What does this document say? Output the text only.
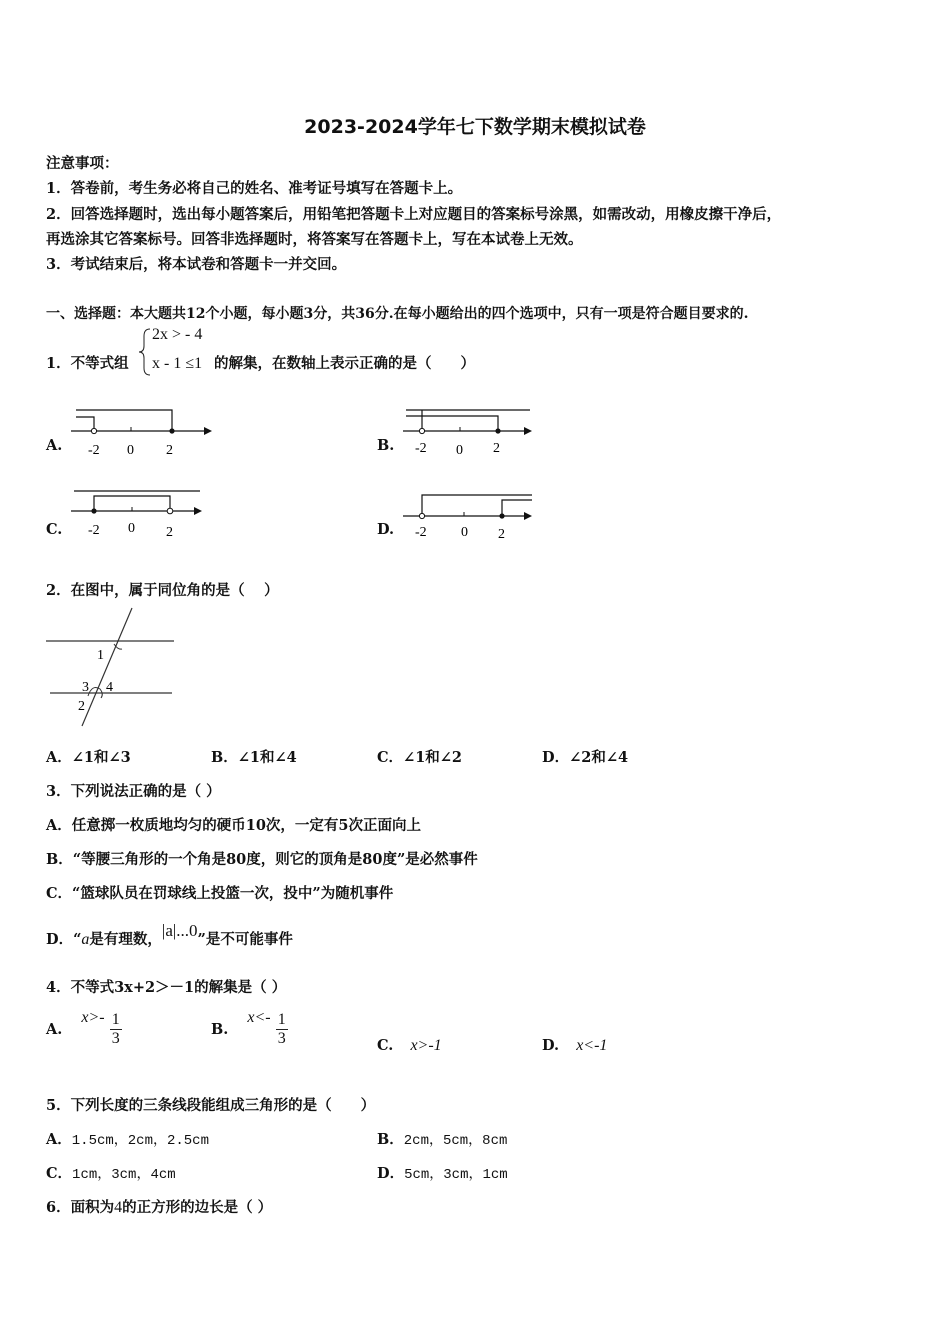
2023-2024学年七下数学期末模拟试卷
注意事项：
1．答卷前，考生务必将自己的姓名、准考证号填写在答题卡上。
2．回答选择题时，选出每小题答案后，用铅笔把答题卡上对应题目的答案标号涂黑，如需改动，用橡皮擦干净后，
再选涂其它答案标号。回答非选择题时，将答案写在答题卡上，写在本试卷上无效。
3．考试结束后，将本试卷和答题卡一并交回。
一、选择题：本大题共12个小题，每小题3分，共36分.在每小题给出的四个选项中，只有一项是符合题目要求的.
1．不等式组
2x > - 4
x - 1 ≤1 的解集，在数轴上表示正确的是（　　）
A. -2 0 2	B. -2 0 2
C. -2 0 2	D. -2 0 2
2．在图中，属于同位角的是（　 ）
1
3 4
2
A．∠1和∠3	B．∠1和∠4	C．∠1和∠2	D．∠2和∠4
3．下列说法正确的是（ ）
A．任意掷一枚质地均匀的硬币10次，一定有5次正面向上
B．“等腰三角形的一个角是80度，则它的顶角是80度”是必然事件
C．“篮球队员在罚球线上投篮一次，投中”为随机事件
D．“a是有理数，|a|...0”是不可能事件
4．不等式3x+2＞－1的解集是（ ）
A. $x>- \frac{1}{3}$	B. $x<- \frac{1}{3}$	C. x>-1	D. x<-1
5．下列长度的三条线段能组成三角形的是（　　）
A．1.5cm，2cm，2.5cm	B．2cm，5cm，8cm
C．1cm，3cm，4cm	D．5cm，3cm，1cm
6．面积为4的正方形的边长是（ ）
